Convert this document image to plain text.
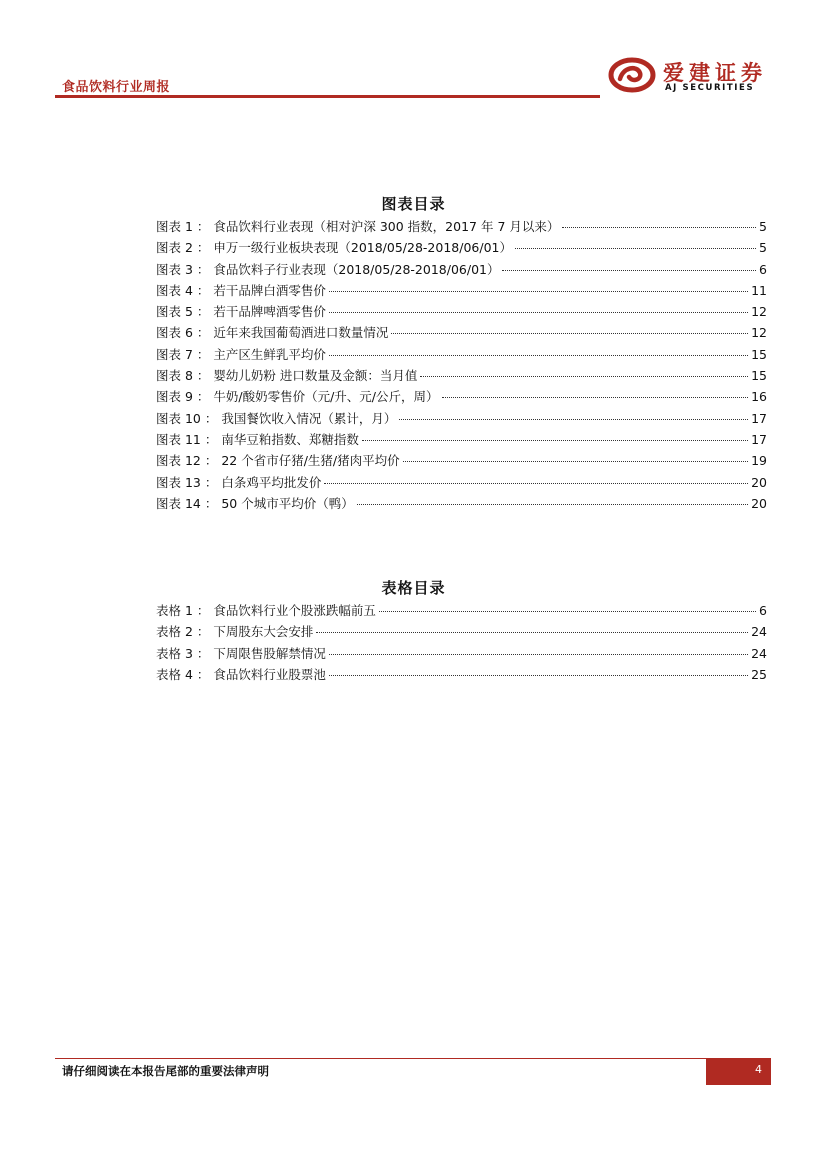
食品饮料行业周报
爱建证券
AJ SECURITIES
图表目录
图表 1 ： 食品饮料行业表现（相对沪深 300 指数，2017 年 7 月以来）	5
图表 2 ： 申万一级行业板块表现（2018/05/28-2018/06/01）	5
图表 3 ： 食品饮料子行业表现（2018/05/28-2018/06/01）	6
图表 4 ： 若干品牌白酒零售价	11
图表 5 ： 若干品牌啤酒零售价	12
图表 6 ： 近年来我国葡萄酒进口数量情况	12
图表 7 ： 主产区生鲜乳平均价	15
图表 8 ： 婴幼儿奶粉 进口数量及金额：当月值	15
图表 9 ： 牛奶/酸奶零售价（元/升、元/公斤，周）	16
图表 10 ： 我国餐饮收入情况（累计，月）	17
图表 11 ： 南华豆粕指数、郑糖指数	17
图表 12 ： 22 个省市仔猪/生猪/猪肉平均价	19
图表 13 ： 白条鸡平均批发价	20
图表 14 ： 50 个城市平均价（鸭）	20
表格目录
表格 1 ： 食品饮料行业个股涨跌幅前五	6
表格 2 ： 下周股东大会安排	24
表格 3 ： 下周限售股解禁情况	24
表格 4 ： 食品饮料行业股票池	25
请仔细阅读在本报告尾部的重要法律声明	4
